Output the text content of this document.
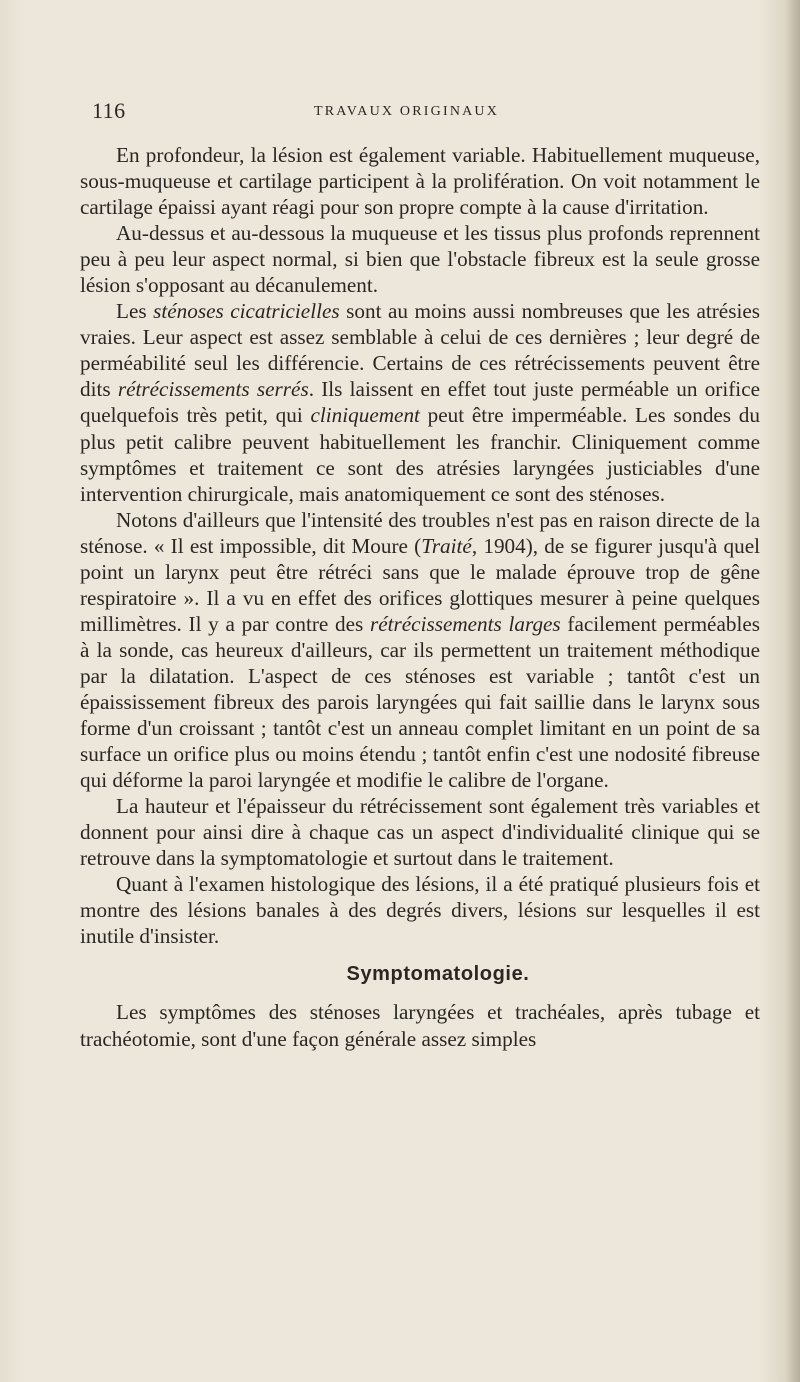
116	TRAVAUX ORIGINAUX

En profondeur, la lésion est également variable. Habituellement muqueuse, sous-muqueuse et cartilage participent à la prolifération. On voit notamment le cartilage épaissi ayant réagi pour son propre compte à la cause d'irritation.

Au-dessus et au-dessous la muqueuse et les tissus plus profonds reprennent peu à peu leur aspect normal, si bien que l'obstacle fibreux est la seule grosse lésion s'opposant au décanulement.

Les sténoses cicatricielles sont au moins aussi nombreuses que les atrésies vraies. Leur aspect est assez semblable à celui de ces dernières ; leur degré de perméabilité seul les différencie. Certains de ces rétrécissements peuvent être dits rétrécissements serrés. Ils laissent en effet tout juste perméable un orifice quelquefois très petit, qui cliniquement peut être imperméable. Les sondes du plus petit calibre peuvent habituellement les franchir. Cliniquement comme symptômes et traitement ce sont des atrésies laryngées justiciables d'une intervention chirurgicale, mais anatomiquement ce sont des sténoses.

Notons d'ailleurs que l'intensité des troubles n'est pas en raison directe de la sténose. « Il est impossible, dit Moure (Traité, 1904), de se figurer jusqu'à quel point un larynx peut être rétréci sans que le malade éprouve trop de gêne respiratoire ». Il a vu en effet des orifices glottiques mesurer à peine quelques millimètres. Il y a par contre des rétrécissements larges facilement perméables à la sonde, cas heureux d'ailleurs, car ils permettent un traitement méthodique par la dilatation. L'aspect de ces sténoses est variable ; tantôt c'est un épaississement fibreux des parois laryngées qui fait saillie dans le larynx sous forme d'un croissant ; tantôt c'est un anneau complet limitant en un point de sa surface un orifice plus ou moins étendu ; tantôt enfin c'est une nodosité fibreuse qui déforme la paroi laryngée et modifie le calibre de l'organe.

La hauteur et l'épaisseur du rétrécissement sont également très variables et donnent pour ainsi dire à chaque cas un aspect d'individualité clinique qui se retrouve dans la symptomatologie et surtout dans le traitement.

Quant à l'examen histologique des lésions, il a été pratiqué plusieurs fois et montre des lésions banales à des degrés divers, lésions sur lesquelles il est inutile d'insister.

Symptomatologie.

Les symptômes des sténoses laryngées et trachéales, après tubage et trachéotomie, sont d'une façon générale assez simples
